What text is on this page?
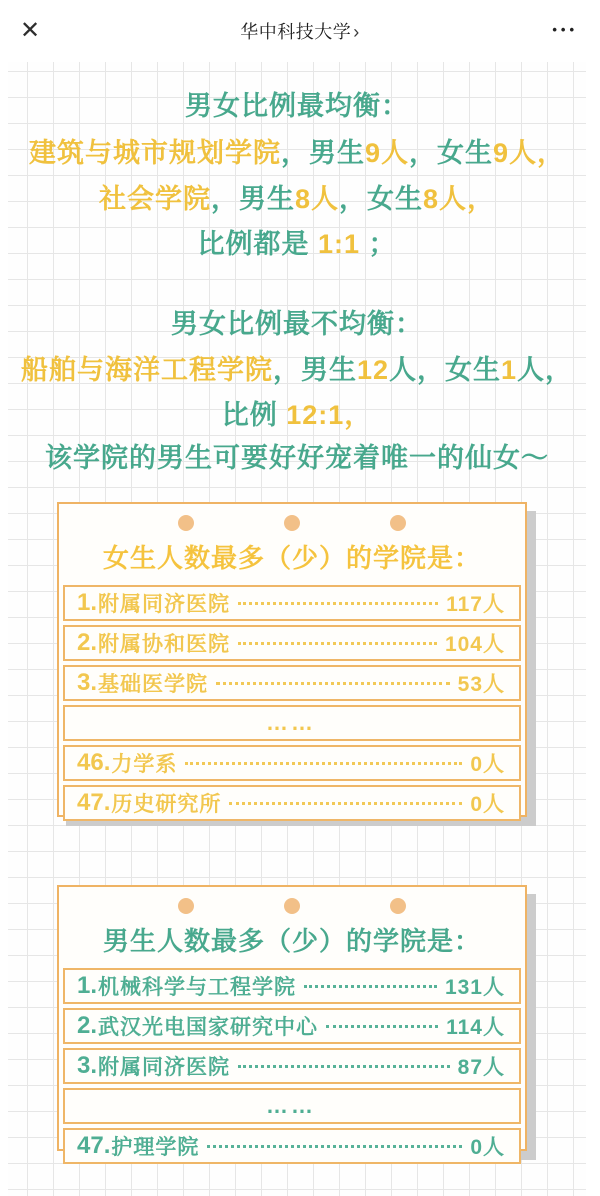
✕	华中科技大学 ›	•••
男女比例最均衡：
建筑与城市规划学院，男生9人，女生9人，
社会学院，男生8人，女生8人，
比例都是 1:1 ；
男女比例最不均衡：
船舶与海洋工程学院，男生12人，女生1人，
比例 12:1，
该学院的男生可要好好宠着唯一的仙女～
女生人数最多（少）的学院是：
1. 附属同济医院	117人
2. 附属协和医院	104人
3. 基础医学院	53人
……
46. 力学系	0人
47. 历史研究所	0人
男生人数最多（少）的学院是：
1. 机械科学与工程学院	131人
2. 武汉光电国家研究中心	114人
3. 附属同济医院	87人
……
47. 护理学院	0人
